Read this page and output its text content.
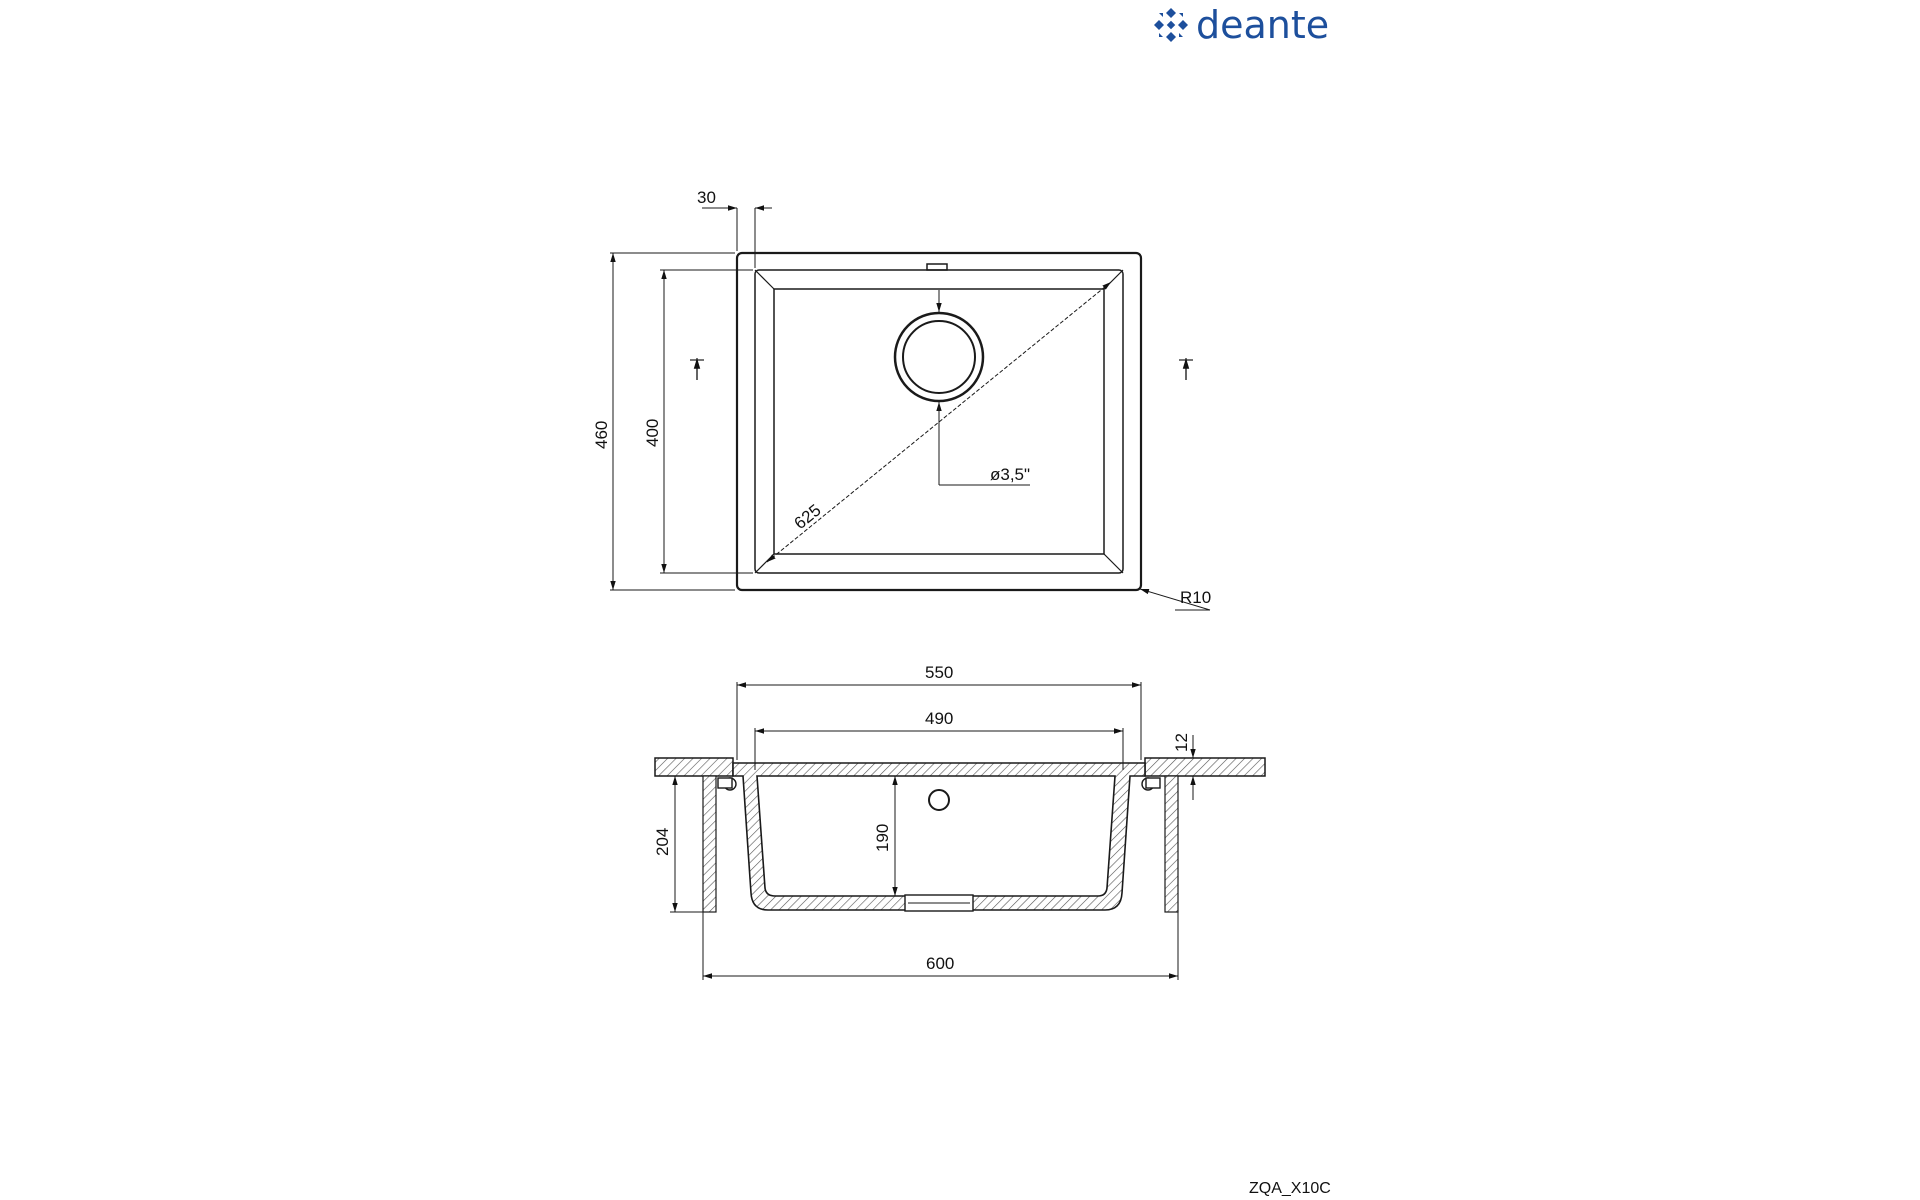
deante
30
460 400
625
ø3,5"
R10
550
490
12
204	190
600
ZQA_X10C
